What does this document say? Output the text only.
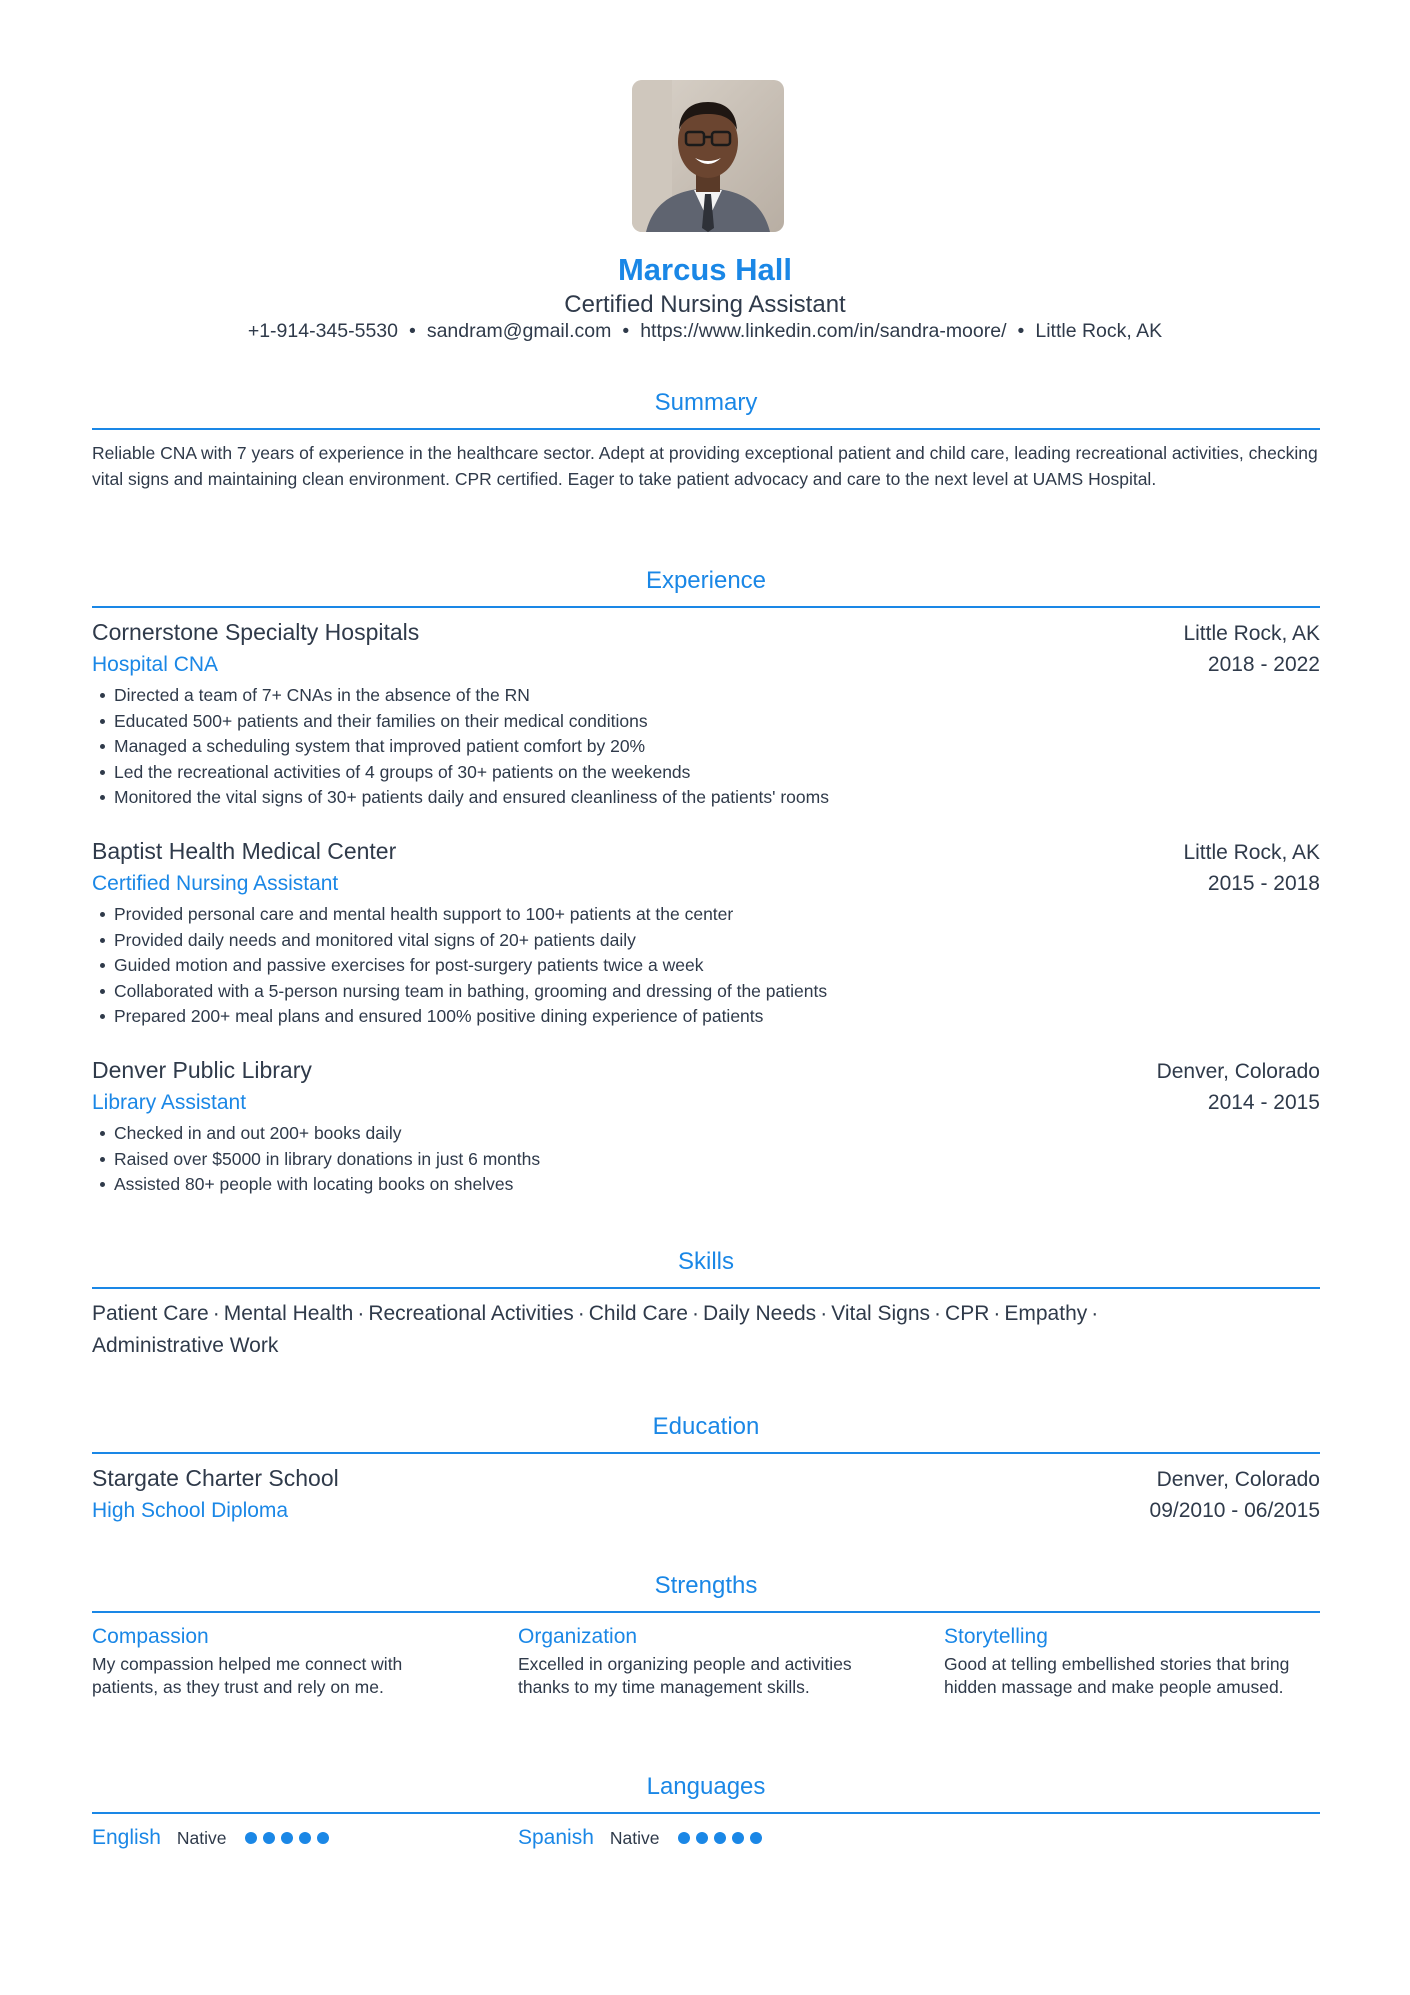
Marcus Hall
Certified Nursing Assistant
+1-914-345-5530 • sandram@gmail.com • https://www.linkedin.com/in/sandra-moore/ • Little Rock, AK
Summary
Reliable CNA with 7 years of experience in the healthcare sector. Adept at providing exceptional patient and child care, leading recreational activities, checking vital signs and maintaining clean environment. CPR certified. Eager to take patient advocacy and care to the next level at UAMS Hospital.
Experience
Cornerstone Specialty Hospitals	Little Rock, AK
Hospital CNA	2018 - 2022
Directed a team of 7+ CNAs in the absence of the RN
Educated 500+ patients and their families on their medical conditions
Managed a scheduling system that improved patient comfort by 20%
Led the recreational activities of 4 groups of 30+ patients on the weekends
Monitored the vital signs of 30+ patients daily and ensured cleanliness of the patients' rooms
Baptist Health Medical Center	Little Rock, AK
Certified Nursing Assistant	2015 - 2018
Provided personal care and mental health support to 100+ patients at the center
Provided daily needs and monitored vital signs of 20+ patients daily
Guided motion and passive exercises for post-surgery patients twice a week
Collaborated with a 5-person nursing team in bathing, grooming and dressing of the patients
Prepared 200+ meal plans and ensured 100% positive dining experience of patients
Denver Public Library	Denver, Colorado
Library Assistant	2014 - 2015
Checked in and out 200+ books daily
Raised over $5000 in library donations in just 6 months
Assisted 80+ people with locating books on shelves
Skills
Patient Care · Mental Health · Recreational Activities · Child Care · Daily Needs · Vital Signs · CPR · Empathy ·
Administrative Work
Education
Stargate Charter School	Denver, Colorado
High School Diploma	09/2010 - 06/2015
Strengths
Compassion
My compassion helped me connect with patients, as they trust and rely on me.
Organization
Excelled in organizing people and activities thanks to my time management skills.
Storytelling
Good at telling embellished stories that bring hidden massage and make people amused.
Languages
English Native	Spanish Native
